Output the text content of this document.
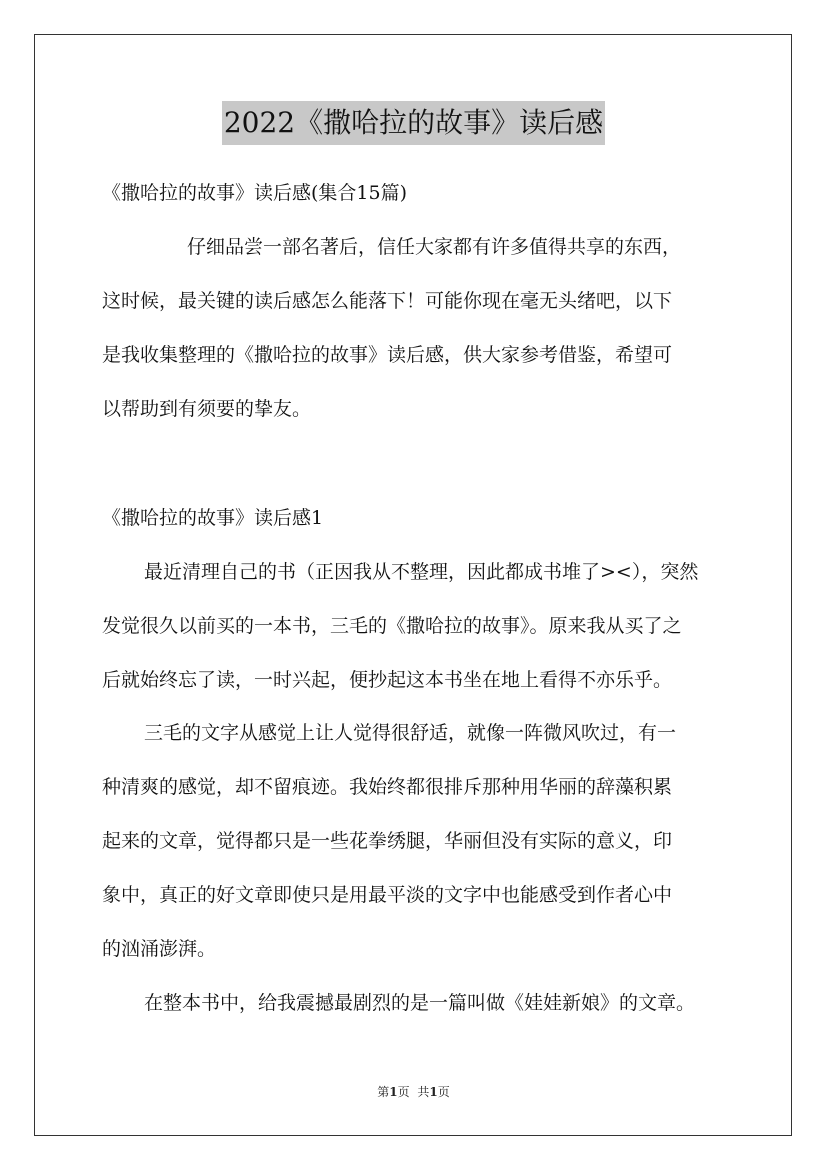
2022《撒哈拉的故事》读后感
《撒哈拉的故事》读后感(集合15篇)
仔细品尝一部名著后，信任大家都有许多值得共享的东西，
这时候，最关键的读后感怎么能落下！可能你现在毫无头绪吧，以下
是我收集整理的《撒哈拉的故事》读后感，供大家参考借鉴，希望可
以帮助到有须要的挚友。
《撒哈拉的故事》读后感1
最近清理自己的书（正因我从不整理，因此都成书堆了><），突然
发觉很久以前买的一本书，三毛的《撒哈拉的故事》。原来我从买了之
后就始终忘了读，一时兴起，便抄起这本书坐在地上看得不亦乐乎。
三毛的文字从感觉上让人觉得很舒适，就像一阵微风吹过，有一
种清爽的感觉，却不留痕迹。我始终都很排斥那种用华丽的辞藻积累
起来的文章，觉得都只是一些花拳绣腿，华丽但没有实际的意义，印
象中，真正的好文章即使只是用最平淡的文字中也能感受到作者心中
的汹涌澎湃。
在整本书中，给我震撼最剧烈的是一篇叫做《娃娃新娘》的文章。
第1页 共1页
